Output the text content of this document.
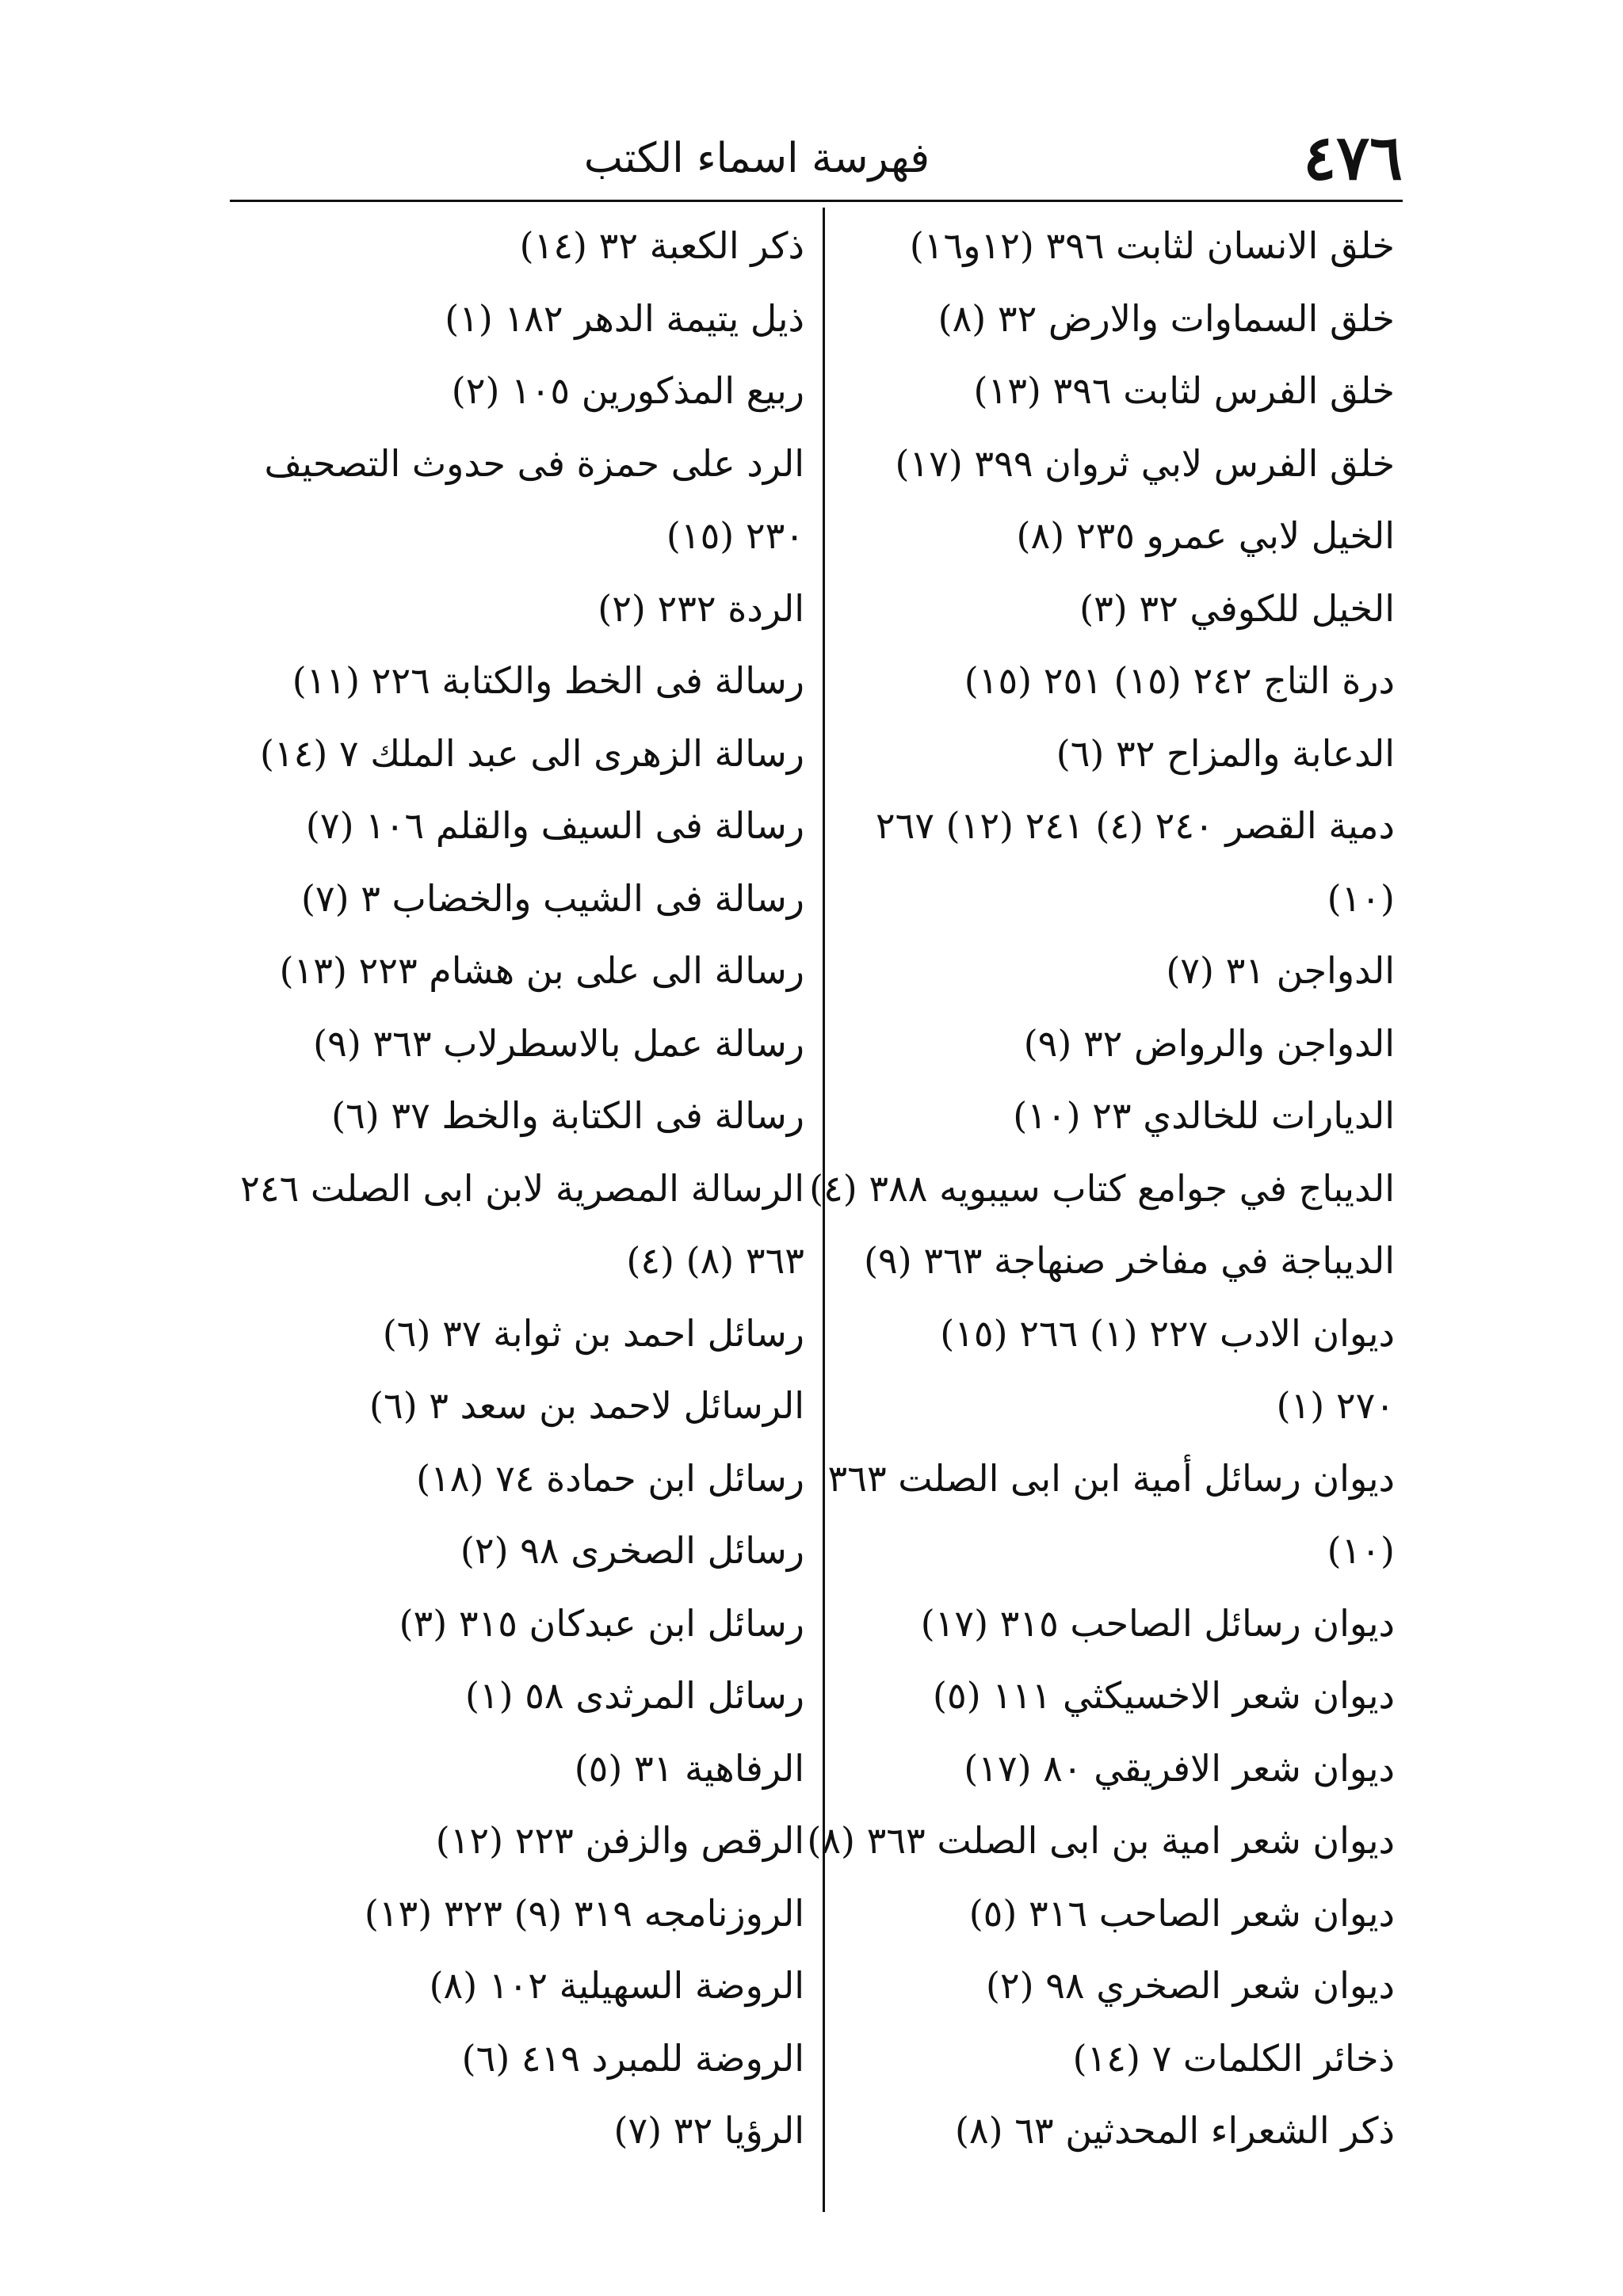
٤٧٦
فهرسة اسماء الكتب
خلق الانسان لثابت ٣٩٦ (١٢و١٦)
خلق السماوات والارض ٣٢ (٨)
خلق الفرس لثابت ٣٩٦ (١٣)
خلق الفرس لابي ثروان ٣٩٩ (١٧)
الخيل لابي عمرو ٢٣٥ (٨)
الخيل للكوفي ٣٢ (٣)
درة التاج ٢٤٢ (١٥) ٢٥١ (١٥)
الدعابة والمزاح ٣٢ (٦)
دمية القصر ٢٤٠ (٤) ٢٤١ (١٢) ٢٦٧
(١٠)
الدواجن ٣١ (٧)
الدواجن والرواض ٣٢ (٩)
الديارات للخالدي ٢٣ (١٠)
الديباج في جوامع كتاب سيبويه ٣٨٨ (٤)
الديباجة في مفاخر صنهاجة ٣٦٣ (٩)
ديوان الادب ٢٢٧ (١) ٢٦٦ (١٥)
٢٧٠ (١)
ديوان رسائل أمية ابن ابى الصلت ٣٦٣
(١٠)
ديوان رسائل الصاحب ٣١٥ (١٧)
ديوان شعر الاخسيكثي ١١١ (٥)
ديوان شعر الافريقي ٨٠ (١٧)
ديوان شعر امية بن ابى الصلت ٣٦٣ (٨)
ديوان شعر الصاحب ٣١٦ (٥)
ديوان شعر الصخري ٩٨ (٢)
ذخائر الكلمات ٧ (١٤)
ذكر الشعراء المحدثين ٦٣ (٨)
ذكر الكعبة ٣٢ (١٤)
ذيل يتيمة الدهر ١٨٢ (١)
ربيع المذكورين ١٠٥ (٢)
الرد على حمزة فى حدوث التصحيف
٢٣٠ (١٥)
الردة ٢٣٢ (٢)
رسالة فى الخط والكتابة ٢٢٦ (١١)
رسالة الزهرى الى عبد الملك ٧ (١٤)
رسالة فى السيف والقلم ١٠٦ (٧)
رسالة فى الشيب والخضاب ٣ (٧)
رسالة الى على بن هشام ٢٢٣ (١٣)
رسالة عمل بالاسطرلاب ٣٦٣ (٩)
رسالة فى الكتابة والخط ٣٧ (٦)
الرسالة المصرية لابن ابى الصلت ٢٤٦
(٤) ٣٦٣ (٨)
رسائل احمد بن ثوابة ٣٧ (٦)
الرسائل لاحمد بن سعد ٣ (٦)
رسائل ابن حمادة ٧٤ (١٨)
رسائل الصخرى ٩٨ (٢)
رسائل ابن عبدكان ٣١٥ (٣)
رسائل المرثدى ٥٨ (١)
الرفاهية ٣١ (٥)
الرقص والزفن ٢٢٣ (١٢)
الروزنامجه ٣١٩ (٩) ٣٢٣ (١٣)
الروضة السهيلية ١٠٢ (٨)
الروضة للمبرد ٤١٩ (٦)
الرؤيا ٣٢ (٧)
